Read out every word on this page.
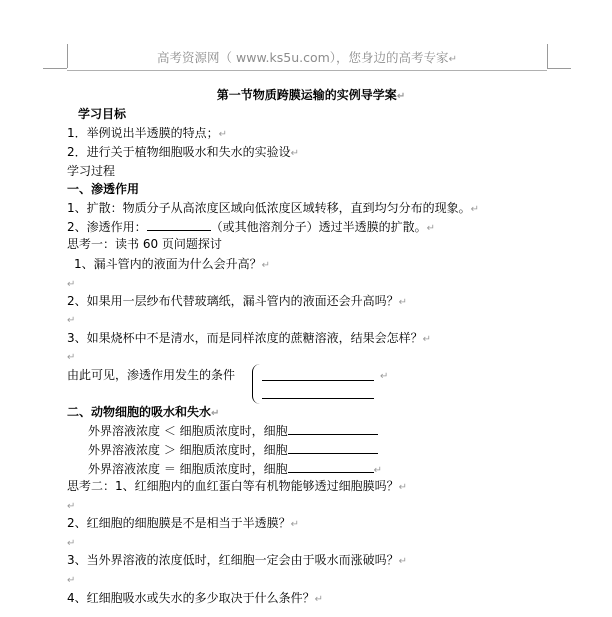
高考资源网（ www.ks5u.com），您身边的高考专家↵
第一节物质跨膜运输的实例导学案↵
学习目标
1．举例说出半透膜的特点；↵
2．进行关于植物细胞吸水和失水的实验设↵
学习过程
一、渗透作用
1、扩散：物质分子从高浓度区域向低浓度区域转移，直到均匀分布的现象。↵
2、渗透作用：	（或其他溶剂分子）透过半透膜的扩散。↵
思考一：读书 60 页问题探讨
1、漏斗管内的液面为什么会升高？↵
↵
2、如果用一层纱布代替玻璃纸，漏斗管内的液面还会升高吗？↵
↵
3、如果烧杯中不是清水，而是同样浓度的蔗糖溶液，结果会怎样？↵
↵
由此可见，渗透作用发生的条件	↵
二、动物细胞的吸水和失水↵
外界溶液浓度 ＜ 细胞质浓度时，细胞
外界溶液浓度 ＞ 细胞质浓度时，细胞
外界溶液浓度 ＝ 细胞质浓度时，细胞	↵
思考二：1、红细胞内的血红蛋白等有机物能够透过细胞膜吗？↵
↵
2、红细胞的细胞膜是不是相当于半透膜？↵
↵
3、当外界溶液的浓度低时，红细胞一定会由于吸水而涨破吗？↵
↵
4、红细胞吸水或失水的多少取决于什么条件？↵
